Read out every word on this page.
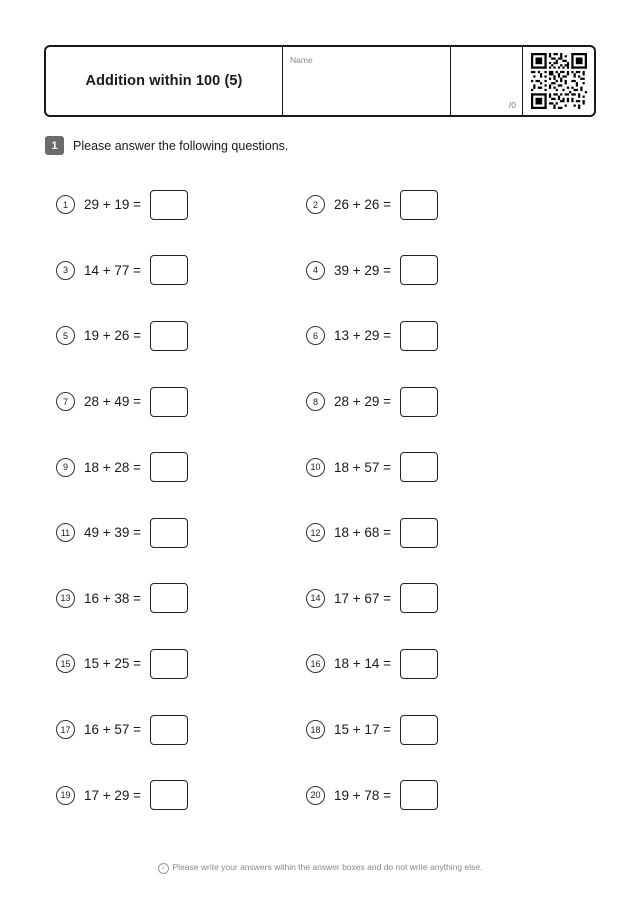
Addition within 100 (5)
Name
/0
1	Please answer the following questions.
1	29 + 19 =	2	26 + 26 =
3	14 + 77 =	4	39 + 29 =
5	19 + 26 =	6	13 + 29 =
7	28 + 49 =	8	28 + 29 =
9	18 + 28 =	10	18 + 57 =
11	49 + 39 =	12	18 + 68 =
13	16 + 38 =	14	17 + 67 =
15	15 + 25 =	16	18 + 14 =
17	16 + 57 =	18	15 + 17 =
19	17 + 29 =	20	19 + 78 =
i Please write your answers within the answer boxes and do not write anything else.
